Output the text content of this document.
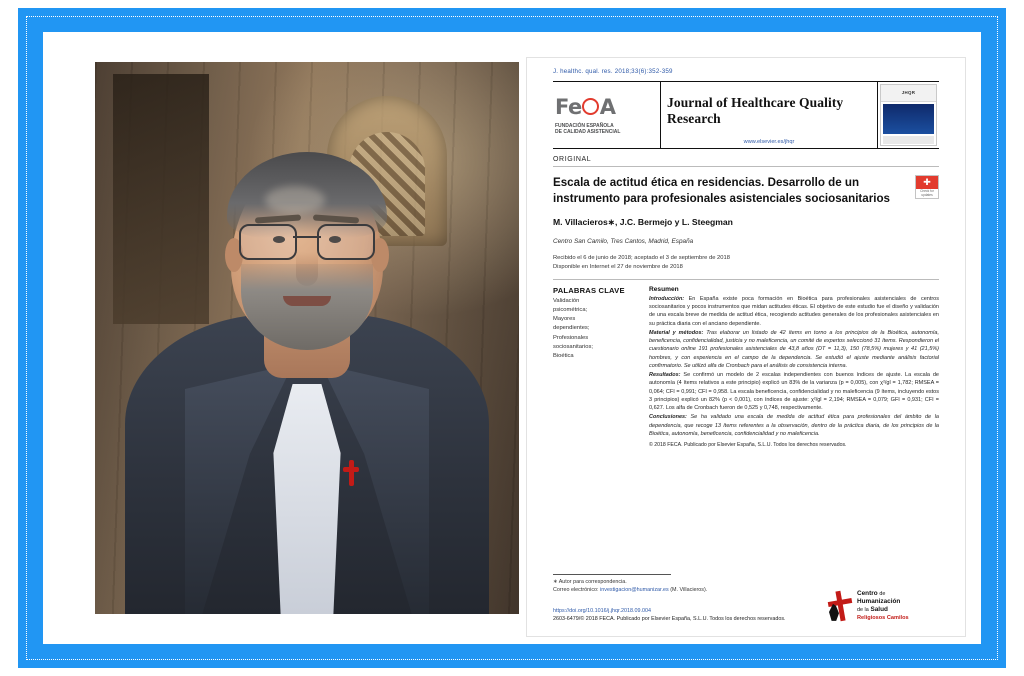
J. healthc. qual. res. 2018;33(6):352-359
Fe A
FUNDACIÓN ESPAÑOLA
DE CALIDAD ASISTENCIAL
Journal of Healthcare Quality Research
www.elsevier.es/jhqr
JHQR
ORIGINAL
Escala de actitud ética en residencias. Desarrollo de un instrumento para profesionales asistenciales sociosanitarios
✚
Check for
updates
M. Villacieros∗, J.C. Bermejo y L. Steegman
Centro San Camilo, Tres Cantos, Madrid, España
Recibido el 6 de junio de 2018; aceptado el 3 de septiembre de 2018
Disponible en Internet el 27 de noviembre de 2018
PALABRAS CLAVE
Validación
psicométrica;
Mayores
dependientes;
Profesionales
sociosanitarios;
Bioética
Resumen

Introducción: En España existe poca formación en Bioética para profesionales asistenciales de centros sociosanitarios y pocos instrumentos que midan actitudes éticas. El objetivo de este estudio fue el diseño y validación de una escala breve de medida de actitud ética, recogiendo actitudes generales de los profesionales asistenciales en su práctica diaria con el anciano dependiente.

Material y métodos: Tras elaborar un listado de 42 ítems en torno a los principios de la Bioética, autonomía, beneficencia, confidencialidad, justicia y no maleficencia, un comité de expertos seleccionó 31 ítems. Respondieron el cuestionario online 191 profesionales asistenciales de 43,8 años (DT = 11,3), 150 (78,5%) mujeres y 41 (21,5%) hombres, y con experiencia en el campo de la dependencia. Se estudió el ajuste mediante análisis factorial confirmatorio. Se utilizó alfa de Cronbach para el análisis de consistencia interna.

Resultados: Se confirmó un modelo de 2 escalas independientes con buenos índices de ajuste. La escala de autonomía (4 ítems relativos a este principio) explicó un 83% de la varianza (p = 0,005), con χ²/gl = 1,782; RMSEA = 0,064; CFI = 0,991; CFI = 0,958. La escala beneficencia, confidencialidad y no maleficencia (9 ítems, incluyendo estos 3 principios) explicó un 82% (p < 0,001), con índices de ajuste: χ²/gl = 2,194; RMSEA = 0,079; GFI = 0,931; CFI = 0,627. Los alfa de Cronbach fueron de 0,525 y 0,748, respectivamente.

Conclusiones: Se ha validado una escala de medida de actitud ética para profesionales del ámbito de la dependencia, que recoge 13 ítems referentes a la observación, dentro de la práctica diaria, de los principios de la Bioética, autonomía, beneficencia, confidencialidad y no maleficencia.

© 2018 FECA. Publicado por Elsevier España, S.L.U. Todos los derechos reservados.
∗ Autor para correspondencia.
Correo electrónico: investigacion@humanizar.es (M. Villacieros).
https://doi.org/10.1016/j.jhqr.2018.09.004
2603-6479/© 2018 FECA. Publicado por Elsevier España, S.L.U. Todos los derechos reservados.
Centro de
Humanización
de la Salud
Religiosos Camilos
